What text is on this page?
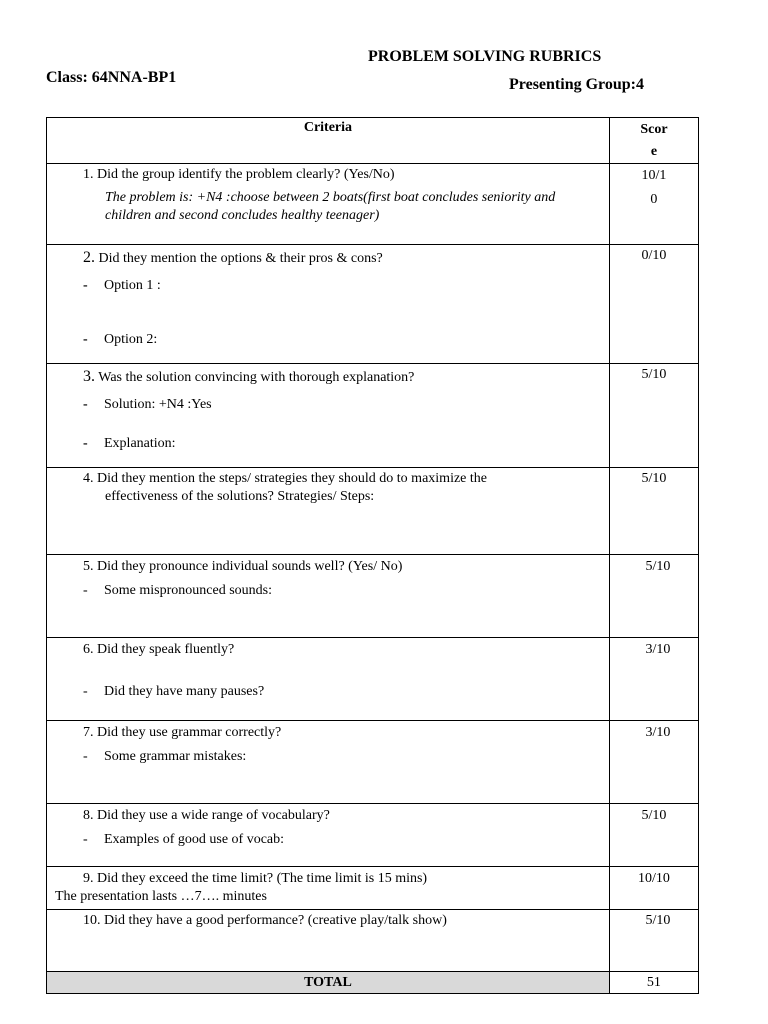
PROBLEM SOLVING RUBRICS
Class: 64NNA-BP1	Presenting Group:4
Criteria	Scor
e

1. Did the group identify the problem clearly? (Yes/No)
The problem is: +N4 :choose between 2 boats(first boat concludes seniority and children and second concludes healthy teenager)	10/1
0

2. Did they mention the options & their pros & cons?
- Option 1 :
- Option 2:	0/10

3. Was the solution convincing with thorough explanation?
- Solution: +N4 :Yes
- Explanation:	5/10

4. Did they mention the steps/ strategies they should do to maximize the
effectiveness of the solutions? Strategies/ Steps:	5/10

5. Did they pronounce individual sounds well? (Yes/ No)
- Some mispronounced sounds:	5/10

6. Did they speak fluently?
- Did they have many pauses?	3/10

7. Did they use grammar correctly?
- Some grammar mistakes:	3/10

8. Did they use a wide range of vocabulary?
- Examples of good use of vocab:	5/10

9. Did they exceed the time limit? (The time limit is 15 mins)
The presentation lasts …7…. minutes	10/10

10. Did they have a good performance? (creative play/talk show)	5/10

TOTAL	51
